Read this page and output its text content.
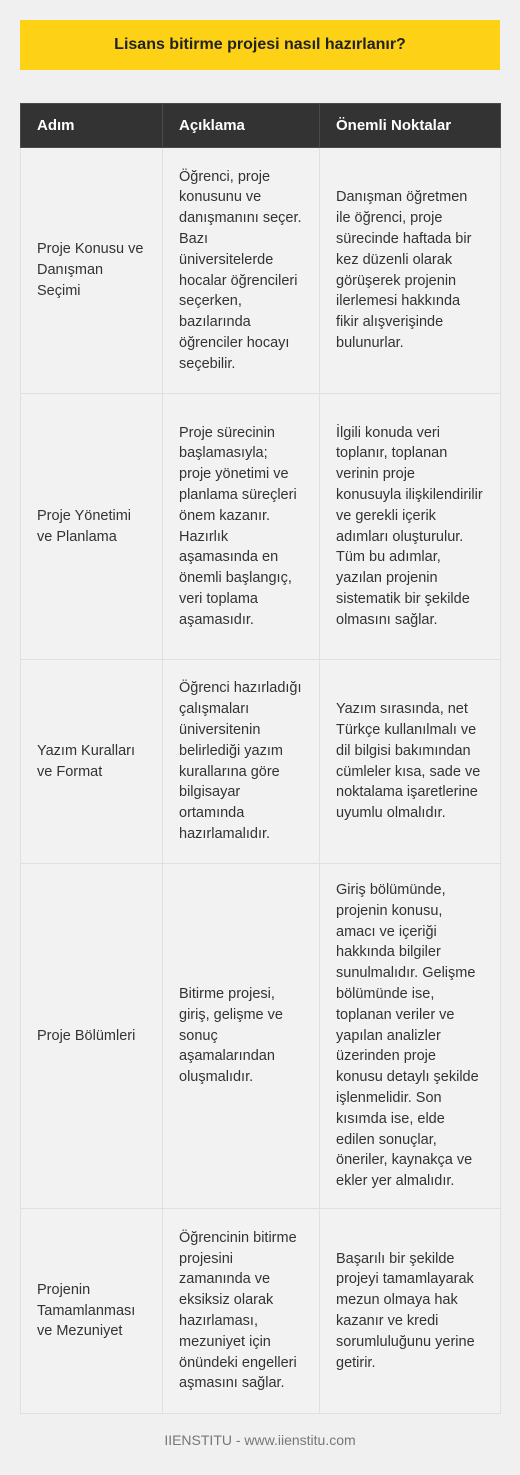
Lisans bitirme projesi nasıl hazırlanır?
Adım	Açıklama	Önemli Noktalar
Proje Konusu ve Danışman Seçimi	Öğrenci, proje konusunu ve danışmanını seçer. Bazı üniversitelerde hocalar öğrencileri seçerken, bazılarında öğrenciler hocayı seçebilir.	Danışman öğretmen ile öğrenci, proje sürecinde haftada bir kez düzenli olarak görüşerek projenin ilerlemesi hakkında fikir alışverişinde bulunurlar.
Proje Yönetimi ve Planlama	Proje sürecinin başlamasıyla; proje yönetimi ve planlama süreçleri önem kazanır. Hazırlık aşamasında en önemli başlangıç, veri toplama aşamasıdır.	İlgili konuda veri toplanır, toplanan verinin proje konusuyla ilişkilendirilir ve gerekli içerik adımları oluşturulur. Tüm bu adımlar, yazılan projenin sistematik bir şekilde olmasını sağlar.
Yazım Kuralları ve Format	Öğrenci hazırladığı çalışmaları üniversitenin belirlediği yazım kurallarına göre bilgisayar ortamında hazırlamalıdır.	Yazım sırasında, net Türkçe kullanılmalı ve dil bilgisi bakımından cümleler kısa, sade ve noktalama işaretlerine uyumlu olmalıdır.
Proje Bölümleri	Bitirme projesi, giriş, gelişme ve sonuç aşamalarından oluşmalıdır.	Giriş bölümünde, projenin konusu, amacı ve içeriği hakkında bilgiler sunulmalıdır. Gelişme bölümünde ise, toplanan veriler ve yapılan analizler üzerinden proje konusu detaylı şekilde işlenmelidir. Son kısımda ise, elde edilen sonuçlar, öneriler, kaynakça ve ekler yer almalıdır.
Projenin Tamamlanması ve Mezuniyet	Öğrencinin bitirme projesini zamanında ve eksiksiz olarak hazırlaması, mezuniyet için önündeki engelleri aşmasını sağlar.	Başarılı bir şekilde projeyi tamamlayarak mezun olmaya hak kazanır ve kredi sorumluluğunu yerine getirir.
IIENSTITU - www.iienstitu.com
